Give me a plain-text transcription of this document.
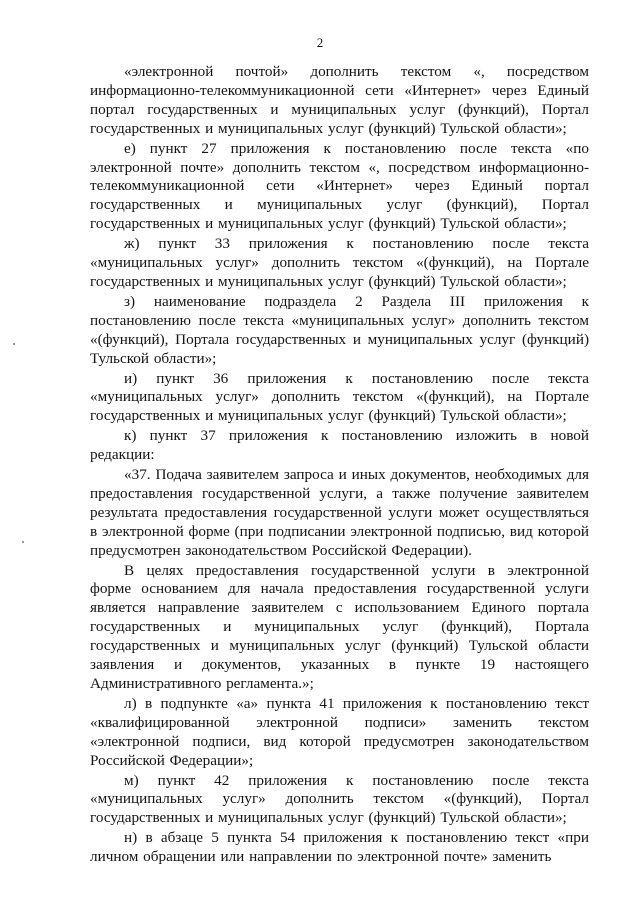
2

«электронной почтой» дополнить текстом «, посредством информационно-телекоммуникационной сети «Интернет» через Единый портал государственных и муниципальных услуг (функций), Портал государственных и муниципальных услуг (функций) Тульской области»;

е) пункт 27 приложения к постановлению после текста «по электронной почте» дополнить текстом «, посредством информационно-телекоммуникационной сети «Интернет» через Единый портал государственных и муниципальных услуг (функций), Портал государственных и муниципальных услуг (функций) Тульской области»;

ж) пункт 33 приложения к постановлению после текста «муниципальных услуг» дополнить текстом «(функций), на Портале государственных и муниципальных услуг (функций) Тульской области»;

з) наименование подраздела 2 Раздела III приложения к постановлению после текста «муниципальных услуг» дополнить текстом «(функций), Портала государственных и муниципальных услуг (функций) Тульской области»;

и) пункт 36 приложения к постановлению после текста «муниципальных услуг» дополнить текстом «(функций), на Портале государственных и муниципальных услуг (функций) Тульской области»;

к) пункт 37 приложения к постановлению изложить в новой редакции:

«37. Подача заявителем запроса и иных документов, необходимых для предоставления государственной услуги, а также получение заявителем результата предоставления государственной услуги может осуществляться в электронной форме (при подписании электронной подписью, вид которой предусмотрен законодательством Российской Федерации).

В целях предоставления государственной услуги в электронной форме основанием для начала предоставления государственной услуги является направление заявителем с использованием Единого портала государственных и муниципальных услуг (функций), Портала государственных и муниципальных услуг (функций) Тульской области заявления и документов, указанных в пункте 19 настоящего Административного регламента.»;

л) в подпункте «а» пункта 41 приложения к постановлению текст «квалифицированной электронной подписи» заменить текстом «электронной подписи, вид которой предусмотрен законодательством Российской Федерации»;

м) пункт 42 приложения к постановлению после текста «муниципальных услуг» дополнить текстом «(функций), Портал государственных и муниципальных услуг (функций) Тульской области»;

н) в абзаце 5 пункта 54 приложения к постановлению текст «при личном обращении или направлении по электронной почте» заменить
